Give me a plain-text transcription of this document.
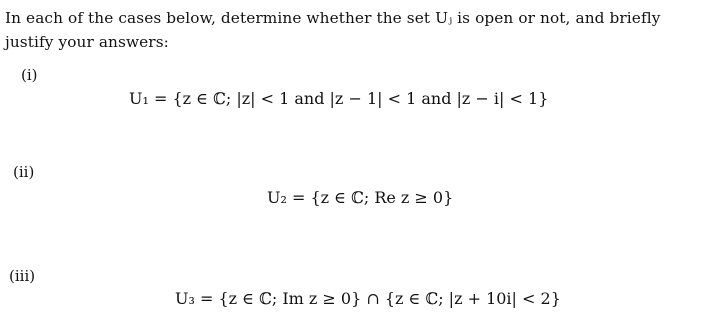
In each of the cases below, determine whether the set Uⱼ is open or not, and briefly justify your answers:
(i)
U₁ = {z ∈ ℂ; |z| < 1 and |z − 1| < 1 and |z − i| < 1}
(ii)
U₂ = {z ∈ ℂ; Re z ≥ 0}
(iii)
U₃ = {z ∈ ℂ; Im z ≥ 0} ∩ {z ∈ ℂ; |z + 10i| < 2}
